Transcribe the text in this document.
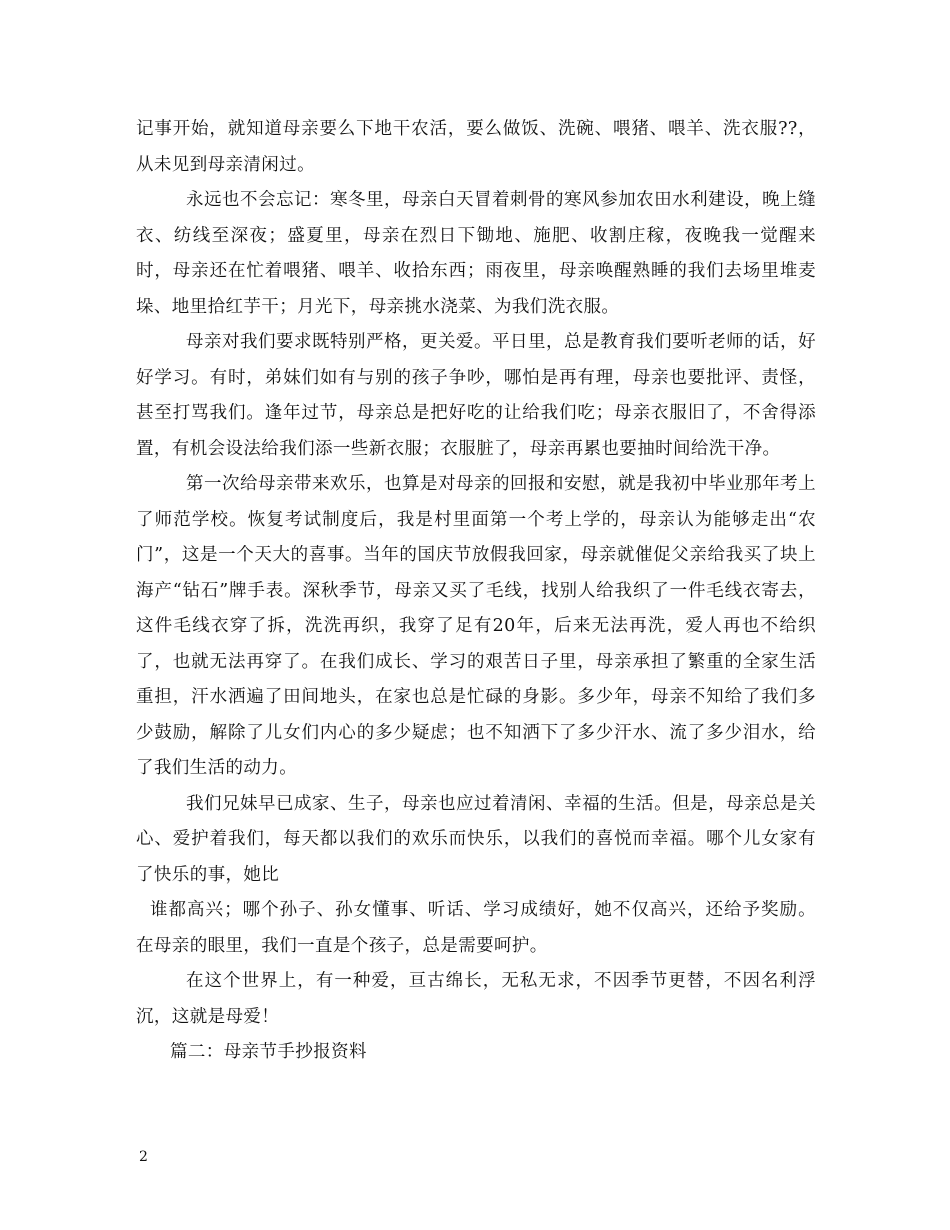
记事开始，就知道母亲要么下地干农活，要么做饭、洗碗、喂猪、喂羊、洗衣服??，从未见到母亲清闲过。

永远也不会忘记：寒冬里，母亲白天冒着刺骨的寒风参加农田水利建设，晚上缝衣、纺线至深夜；盛夏里，母亲在烈日下锄地、施肥、收割庄稼，夜晚我一觉醒来时，母亲还在忙着喂猪、喂羊、收拾东西；雨夜里，母亲唤醒熟睡的我们去场里堆麦垛、地里拾红芋干；月光下，母亲挑水浇菜、为我们洗衣服。

母亲对我们要求既特别严格，更关爱。平日里，总是教育我们要听老师的话，好好学习。有时，弟妹们如有与别的孩子争吵，哪怕是再有理，母亲也要批评、责怪，甚至打骂我们。逢年过节，母亲总是把好吃的让给我们吃；母亲衣服旧了，不舍得添置，有机会设法给我们添一些新衣服；衣服脏了，母亲再累也要抽时间给洗干净。

第一次给母亲带来欢乐，也算是对母亲的回报和安慰，就是我初中毕业那年考上了师范学校。恢复考试制度后，我是村里面第一个考上学的，母亲认为能够走出“农门”，这是一个天大的喜事。当年的国庆节放假我回家，母亲就催促父亲给我买了块上海产“钻石”牌手表。深秋季节，母亲又买了毛线，找别人给我织了一件毛线衣寄去，这件毛线衣穿了拆，洗洗再织，我穿了足有20年，后来无法再洗，爱人再也不给织了，也就无法再穿了。在我们成长、学习的艰苦日子里，母亲承担了繁重的全家生活重担，汗水洒遍了田间地头，在家也总是忙碌的身影。多少年，母亲不知给了我们多少鼓励，解除了儿女们内心的多少疑虑；也不知洒下了多少汗水、流了多少泪水，给了我们生活的动力。

我们兄妹早已成家、生子，母亲也应过着清闲、幸福的生活。但是，母亲总是关心、爱护着我们，每天都以我们的欢乐而快乐，以我们的喜悦而幸福。哪个儿女家有了快乐的事，她比

谁都高兴；哪个孙子、孙女懂事、听话、学习成绩好，她不仅高兴，还给予奖励。 在母亲的眼里，我们一直是个孩子，总是需要呵护。

在这个世界上，有一种爱，亘古绵长，无私无求，不因季节更替，不因名利浮沉，这就是母爱！

篇二：母亲节手抄报资料

2
